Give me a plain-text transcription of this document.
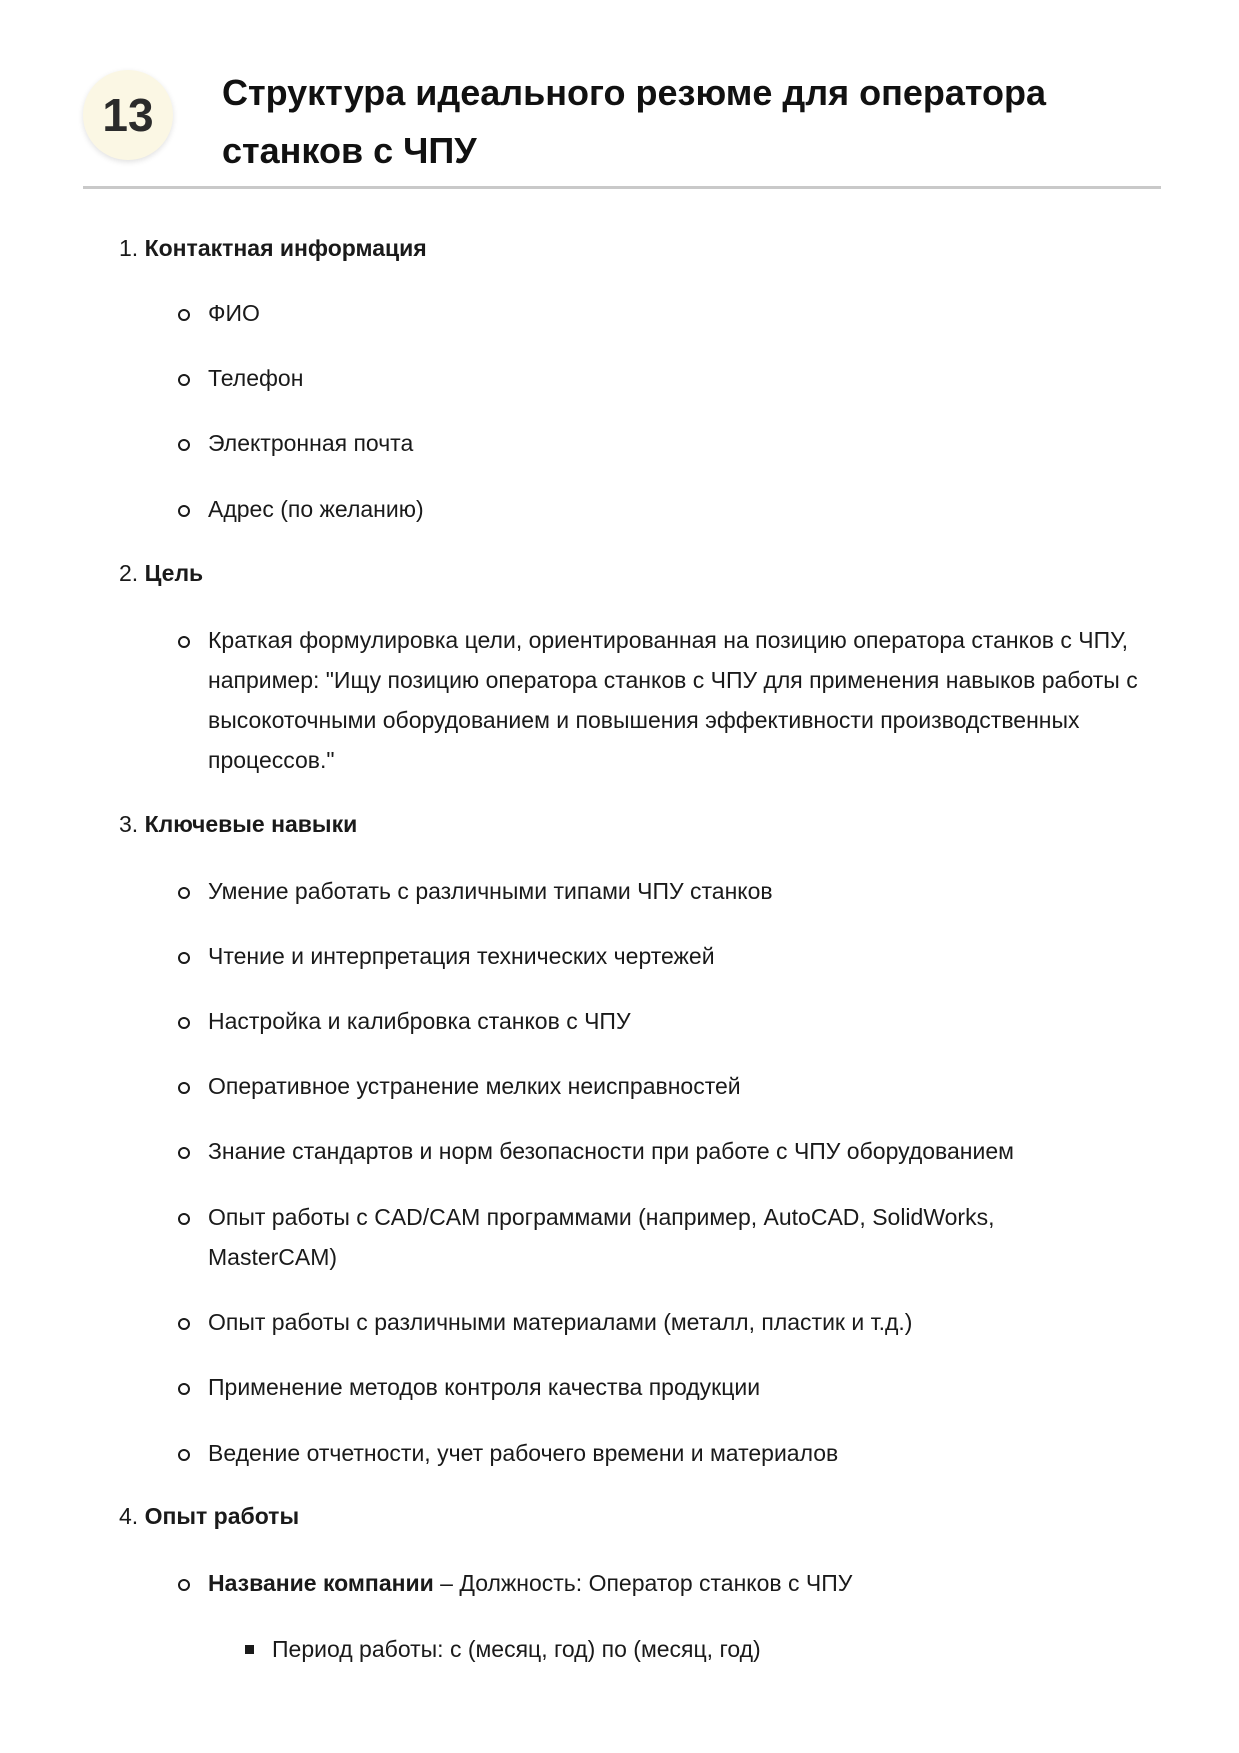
13	Структура идеального резюме для оператора станков с ЧПУ
1. Контактная информация
ФИО
Телефон
Электронная почта
Адрес (по желанию)
2. Цель
Краткая формулировка цели, ориентированная на позицию оператора станков с ЧПУ, например: "Ищу позицию оператора станков с ЧПУ для применения навыков работы с высокоточными оборудованием и повышения эффективности производственных процессов."
3. Ключевые навыки
Умение работать с различными типами ЧПУ станков
Чтение и интерпретация технических чертежей
Настройка и калибровка станков с ЧПУ
Оперативное устранение мелких неисправностей
Знание стандартов и норм безопасности при работе с ЧПУ оборудованием
Опыт работы с CAD/CAM программами (например, AutoCAD, SolidWorks, MasterCAM)
Опыт работы с различными материалами (металл, пластик и т.д.)
Применение методов контроля качества продукции
Ведение отчетности, учет рабочего времени и материалов
4. Опыт работы
Название компании – Должность: Оператор станков с ЧПУ
Период работы: с (месяц, год) по (месяц, год)
